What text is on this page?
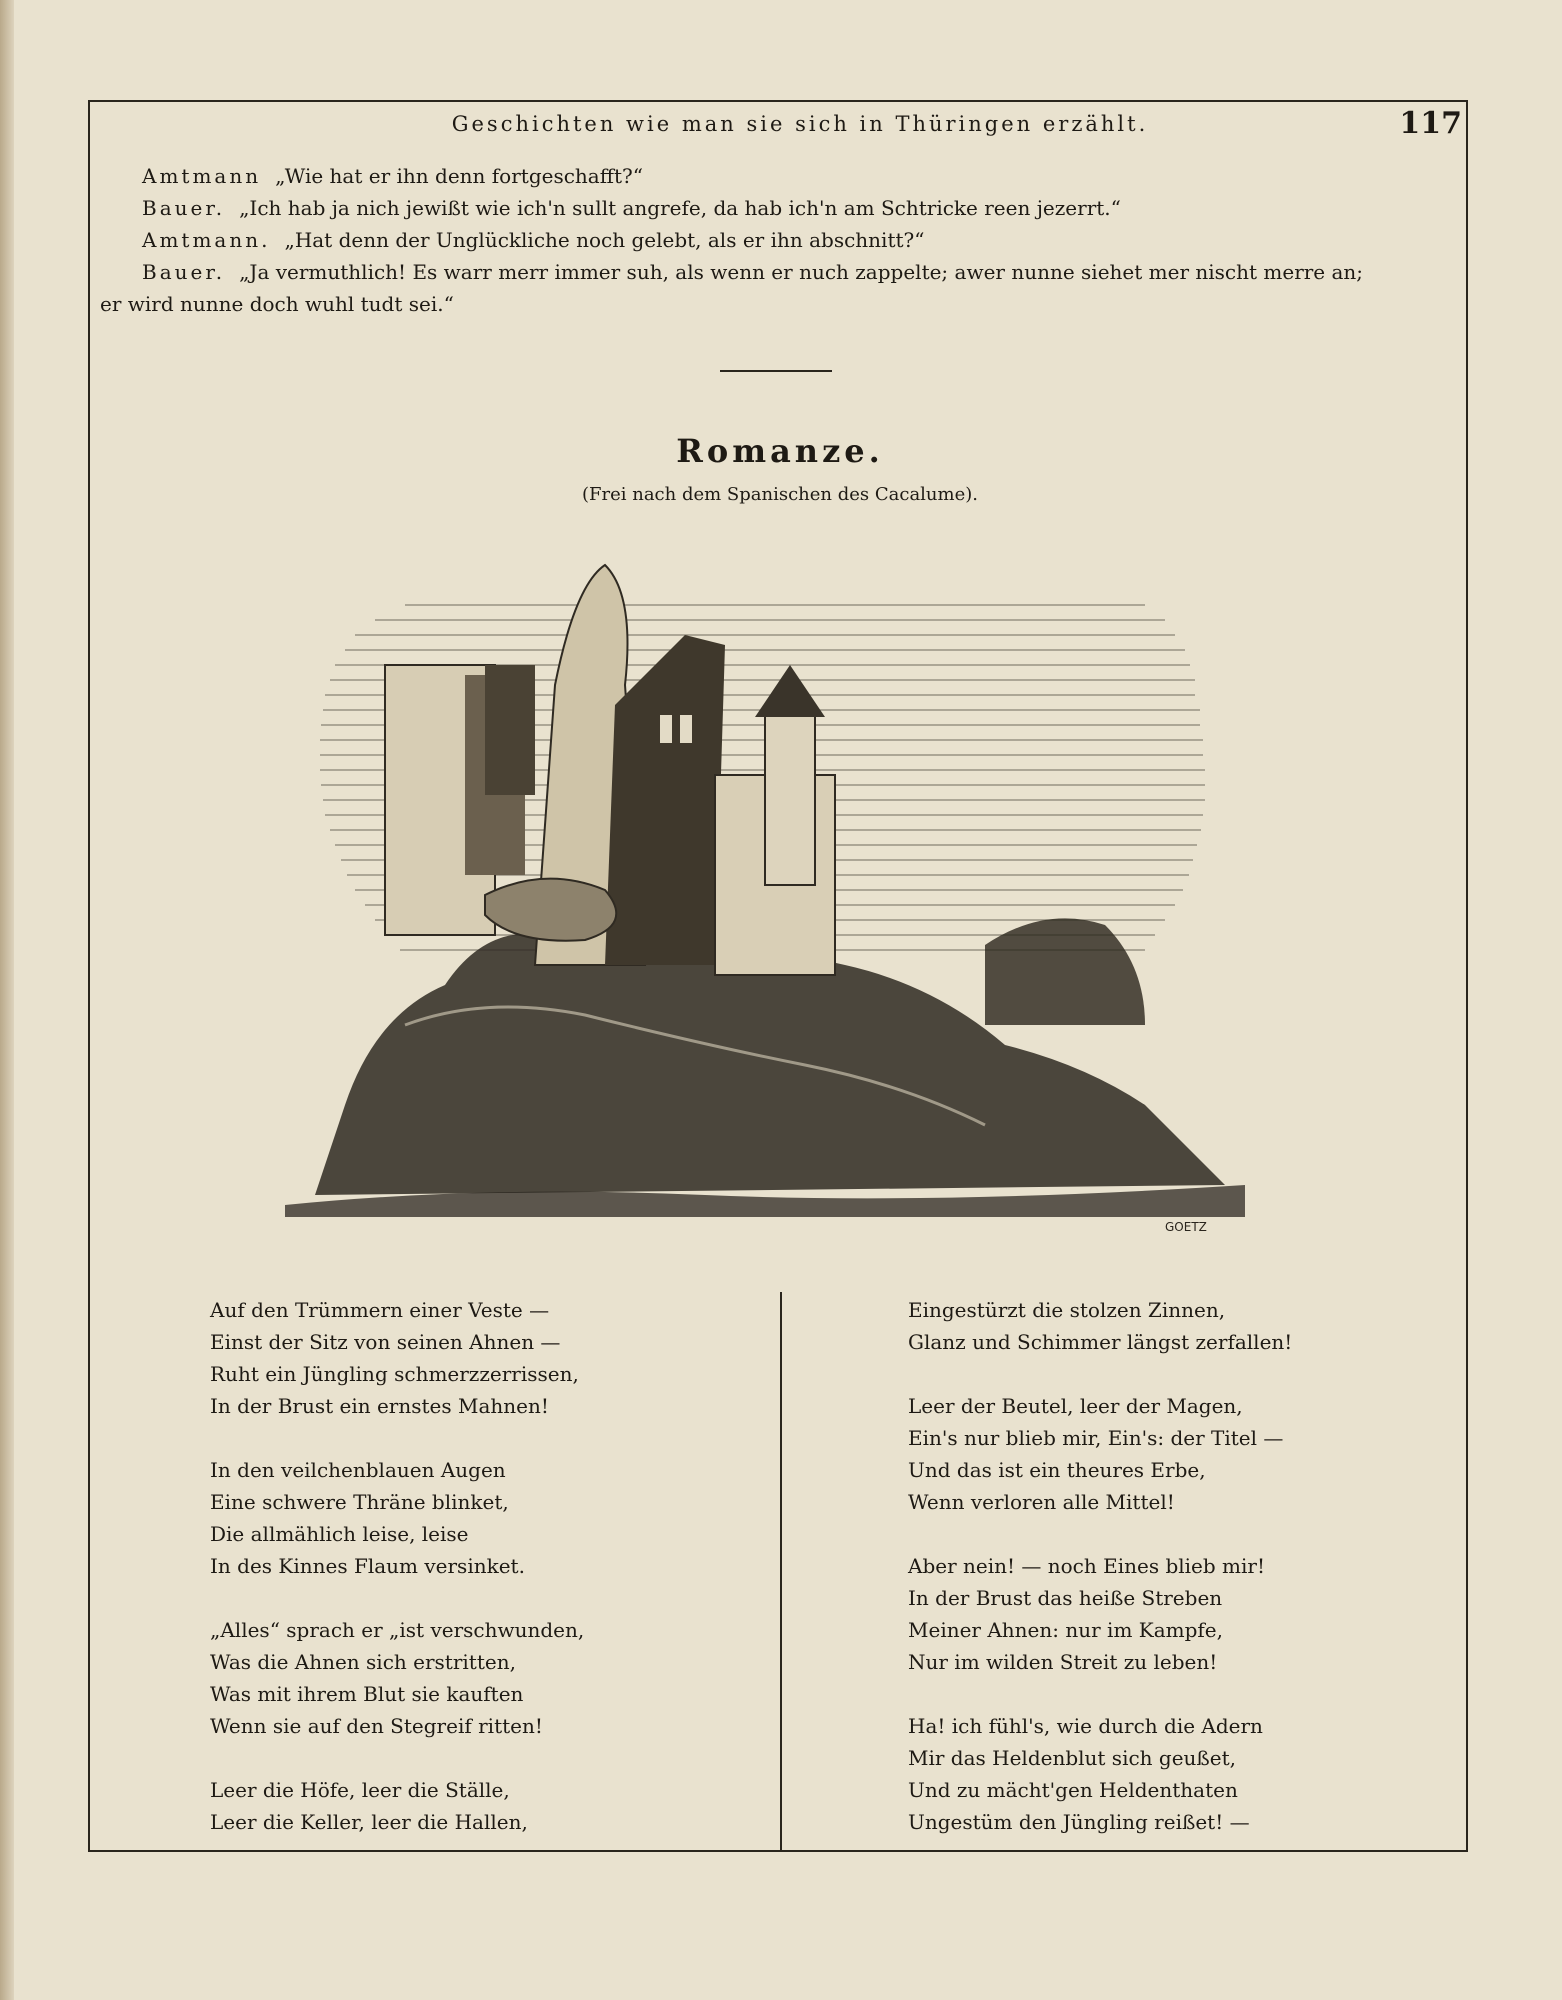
Geschichten wie man sie sich in Thüringen erzählt.	117
Amtmann „Wie hat er ihn denn fortgeschafft?“
Bauer. „Ich hab ja nich jewißt wie ich'n sullt angrefe, da hab ich'n am Schtricke reen jezerrt.“
Amtmann. „Hat denn der Unglückliche noch gelebt, als er ihn abschnitt?“
Bauer. „Ja vermuthlich! Es warr merr immer suh, als wenn er nuch zappelte; awer nunne siehet mer nischt merre an;
er wird nunne doch wuhl tudt sei.“
Romanze.
(Frei nach dem Spanischen des Cacalume).
GOETZ
Auf den Trümmern einer Veste —
Einst der Sitz von seinen Ahnen —
Ruht ein Jüngling schmerzzerrissen,
In der Brust ein ernstes Mahnen!
In den veilchenblauen Augen
Eine schwere Thräne blinket,
Die allmählich leise, leise
In des Kinnes Flaum versinket.
„Alles“ sprach er „ist verschwunden,
Was die Ahnen sich erstritten,
Was mit ihrem Blut sie kauften
Wenn sie auf den Stegreif ritten!
Leer die Höfe, leer die Ställe,
Leer die Keller, leer die Hallen,
Eingestürzt die stolzen Zinnen,
Glanz und Schimmer längst zerfallen!
Leer der Beutel, leer der Magen,
Ein's nur blieb mir, Ein's: der Titel —
Und das ist ein theures Erbe,
Wenn verloren alle Mittel!
Aber nein! — noch Eines blieb mir!
In der Brust das heiße Streben
Meiner Ahnen: nur im Kampfe,
Nur im wilden Streit zu leben!
Ha! ich fühl's, wie durch die Adern
Mir das Heldenblut sich geußet,
Und zu mächt'gen Heldenthaten
Ungestüm den Jüngling reißet! —
